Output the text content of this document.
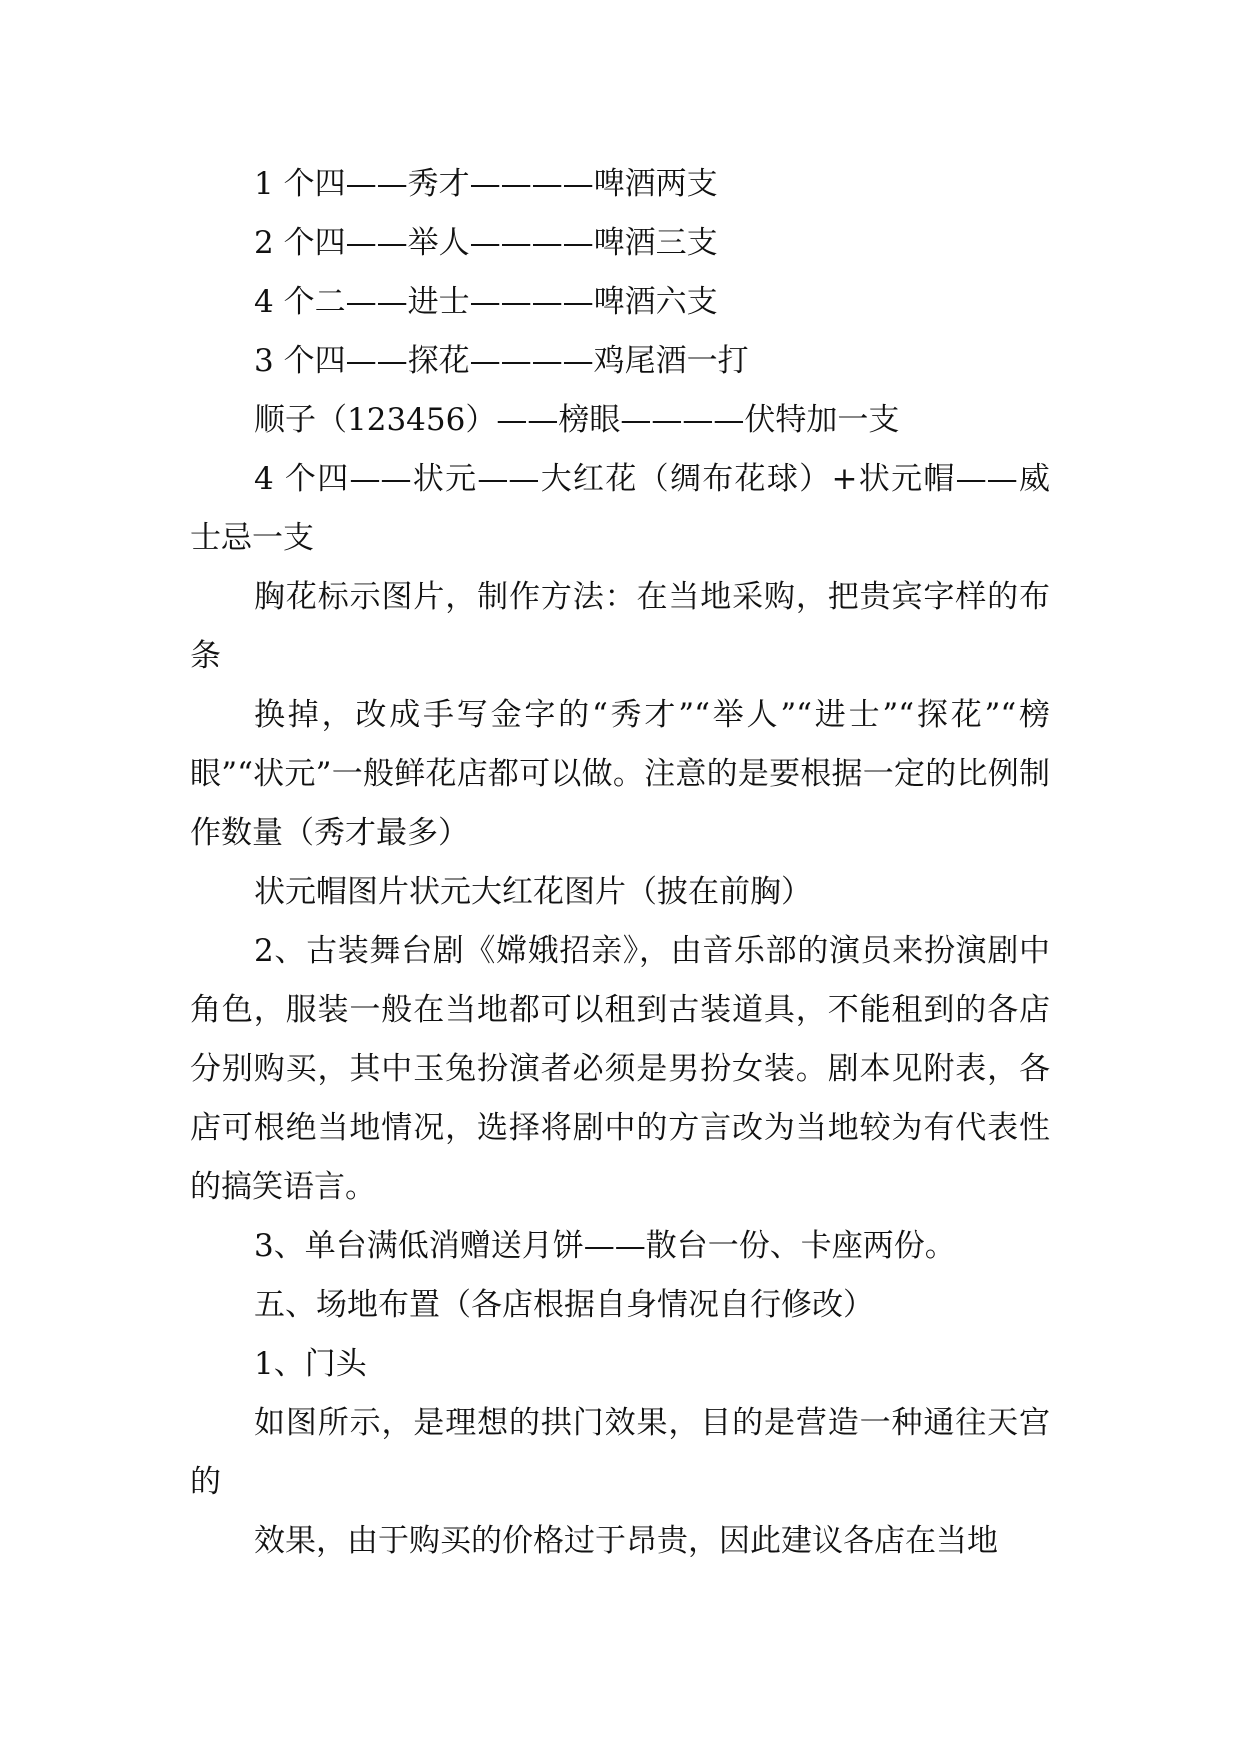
1 个四——秀才————啤酒两支

2 个四——举人————啤酒三支

4 个二——进士————啤酒六支

3 个四——探花————鸡尾酒一打

顺子（123456）——榜眼————伏特加一支

4 个四——状元——大红花（绸布花球）+状元帽——威士忌一支

胸花标示图片，制作方法：在当地采购，把贵宾字样的布条

换掉，改成手写金字的“秀才”“举人”“进士”“探花”“榜眼”“状元”一般鲜花店都可以做。注意的是要根据一定的比例制作数量（秀才最多）

状元帽图片状元大红花图片（披在前胸）

2、古装舞台剧《嫦娥招亲》，由音乐部的演员来扮演剧中角色，服装一般在当地都可以租到古装道具，不能租到的各店分别购买，其中玉兔扮演者必须是男扮女装。剧本见附表，各店可根绝当地情况，选择将剧中的方言改为当地较为有代表性的搞笑语言。

3、单台满低消赠送月饼——散台一份、卡座两份。

五、场地布置（各店根据自身情况自行修改）

1、门头

如图所示，是理想的拱门效果，目的是营造一种通往天宫的

效果，由于购买的价格过于昂贵，因此建议各店在当地
